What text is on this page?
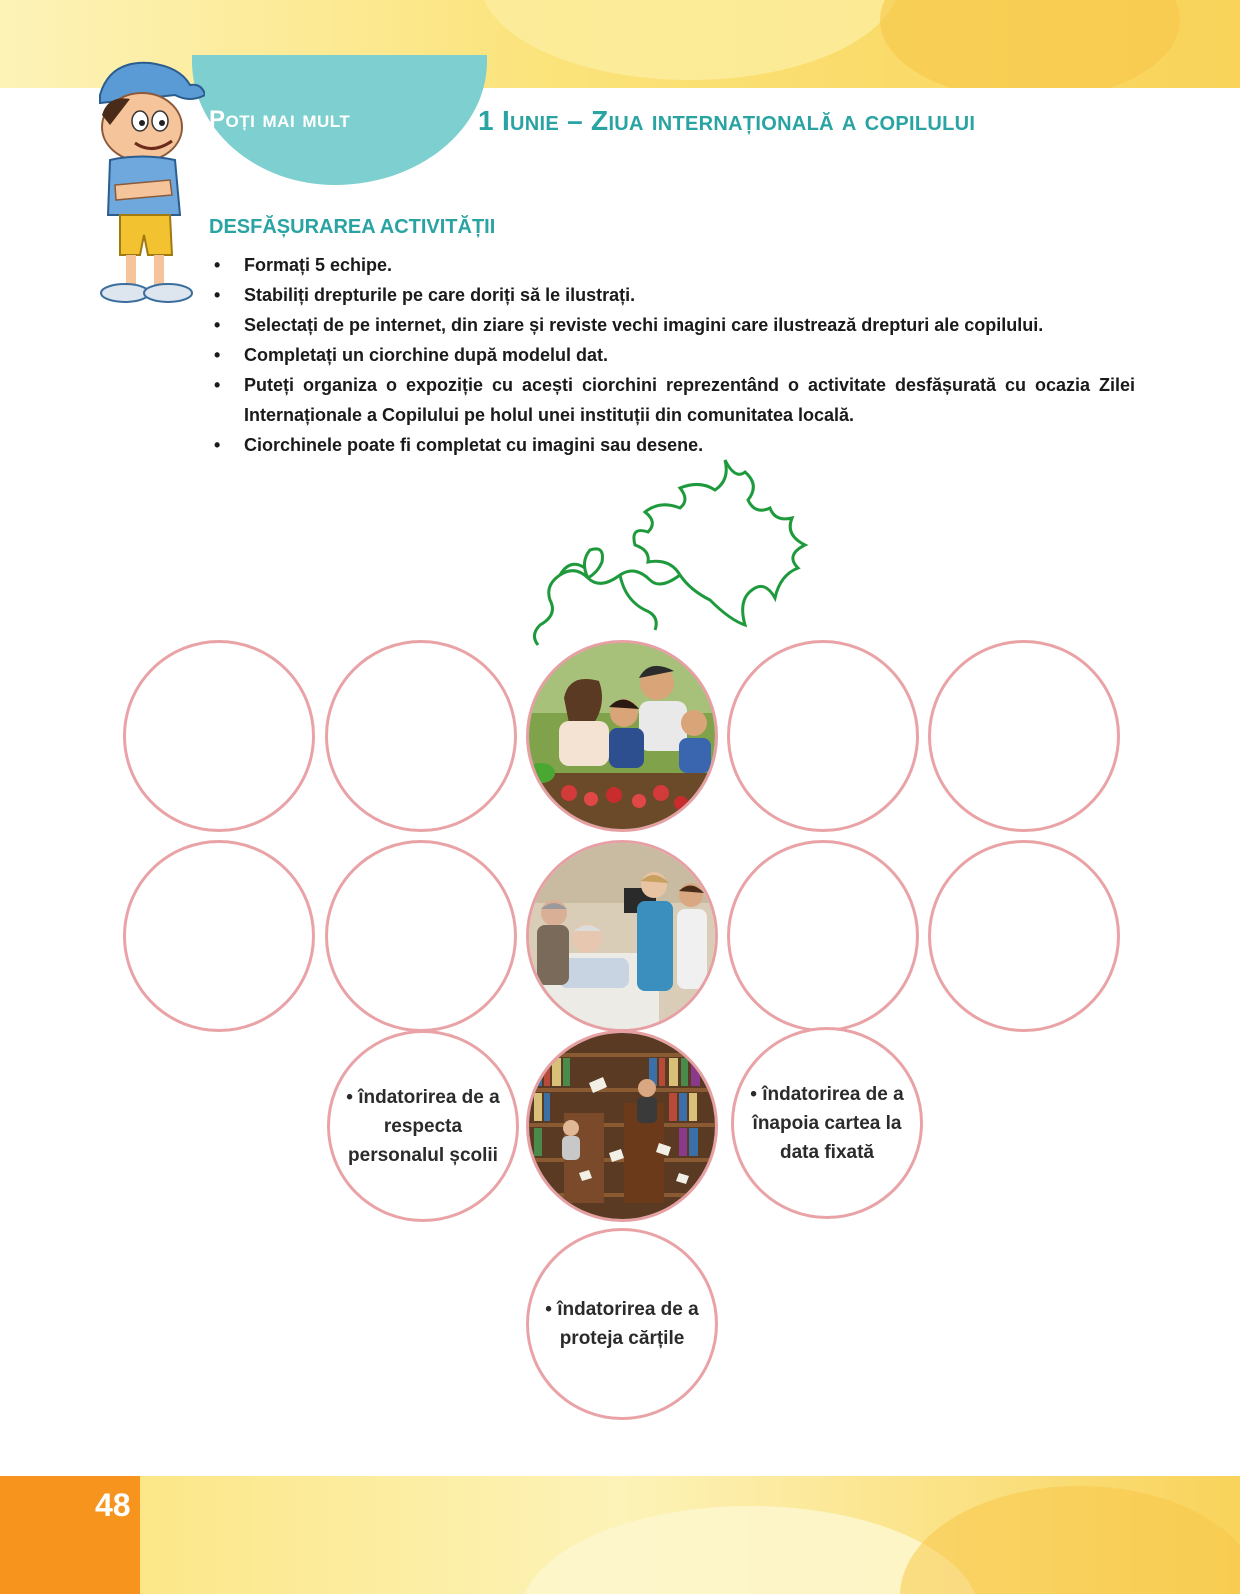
Poți mai mult	1 Iunie – Ziua internațională a copilului
DESFĂȘURAREA ACTIVITĂȚII
• Formați 5 echipe.
• Stabiliți drepturile pe care doriți să le ilustrați.
• Selectați de pe internet, din ziare și reviste vechi imagini care ilustrează drepturi ale copilului.
• Completați un ciorchine după modelul dat.
• Puteți organiza o expoziție cu acești ciorchini reprezentând o activitate desfășurată cu ocazia Zilei Internaționale a Copilului pe holul unei instituții din comunitatea locală.
• Ciorchinele poate fi completat cu imagini sau desene.
• îndatorirea de a respecta personalul școlii
• îndatorirea de a înapoia cartea la data fixată
• îndatorirea de a proteja cărțile
48
